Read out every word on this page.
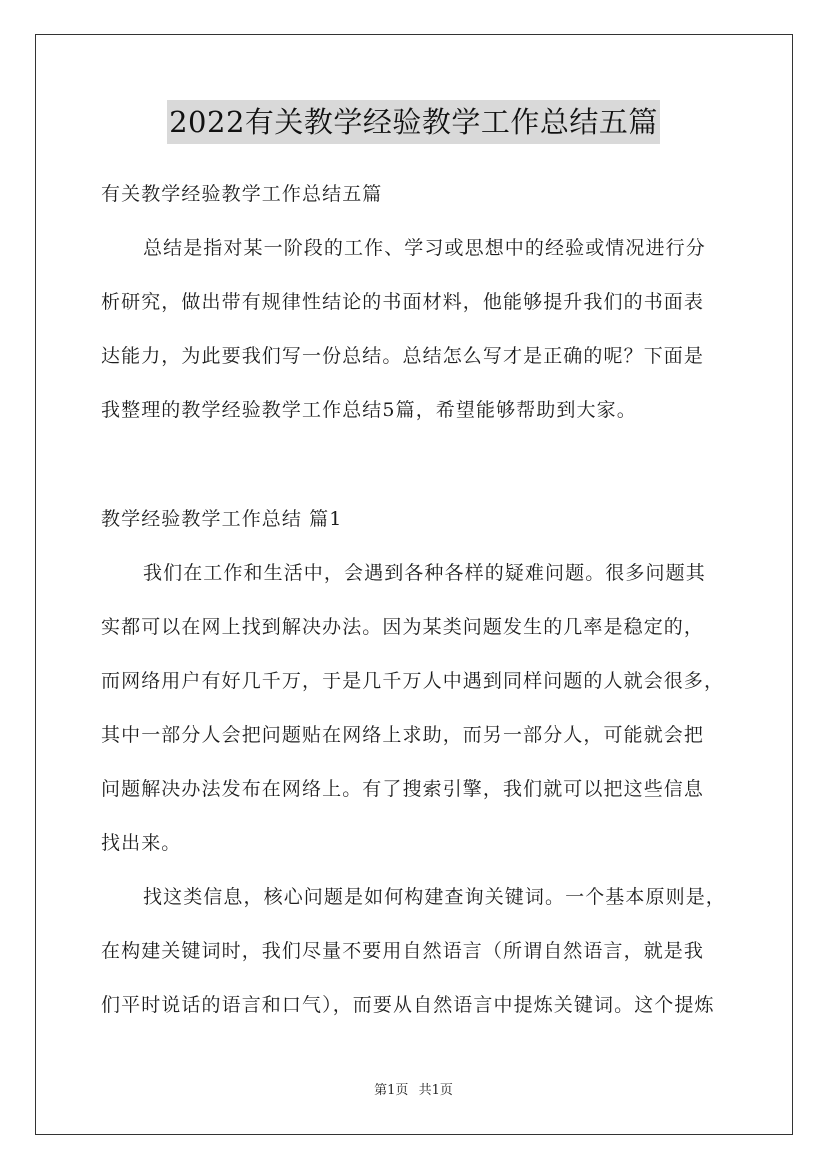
2022有关教学经验教学工作总结五篇
有关教学经验教学工作总结五篇
总结是指对某一阶段的工作、学习或思想中的经验或情况进行分
析研究，做出带有规律性结论的书面材料，他能够提升我们的书面表
达能力，为此要我们写一份总结。总结怎么写才是正确的呢？下面是
我整理的教学经验教学工作总结5篇，希望能够帮助到大家。
教学经验教学工作总结 篇1
我们在工作和生活中，会遇到各种各样的疑难问题。很多问题其
实都可以在网上找到解决办法。因为某类问题发生的几率是稳定的，
而网络用户有好几千万，于是几千万人中遇到同样问题的人就会很多，
其中一部分人会把问题贴在网络上求助，而另一部分人，可能就会把
问题解决办法发布在网络上。有了搜索引擎，我们就可以把这些信息
找出来。
找这类信息，核心问题是如何构建查询关键词。一个基本原则是，
在构建关键词时，我们尽量不要用自然语言（所谓自然语言，就是我
们平时说话的语言和口气），而要从自然语言中提炼关键词。这个提炼
第1页 共1页
